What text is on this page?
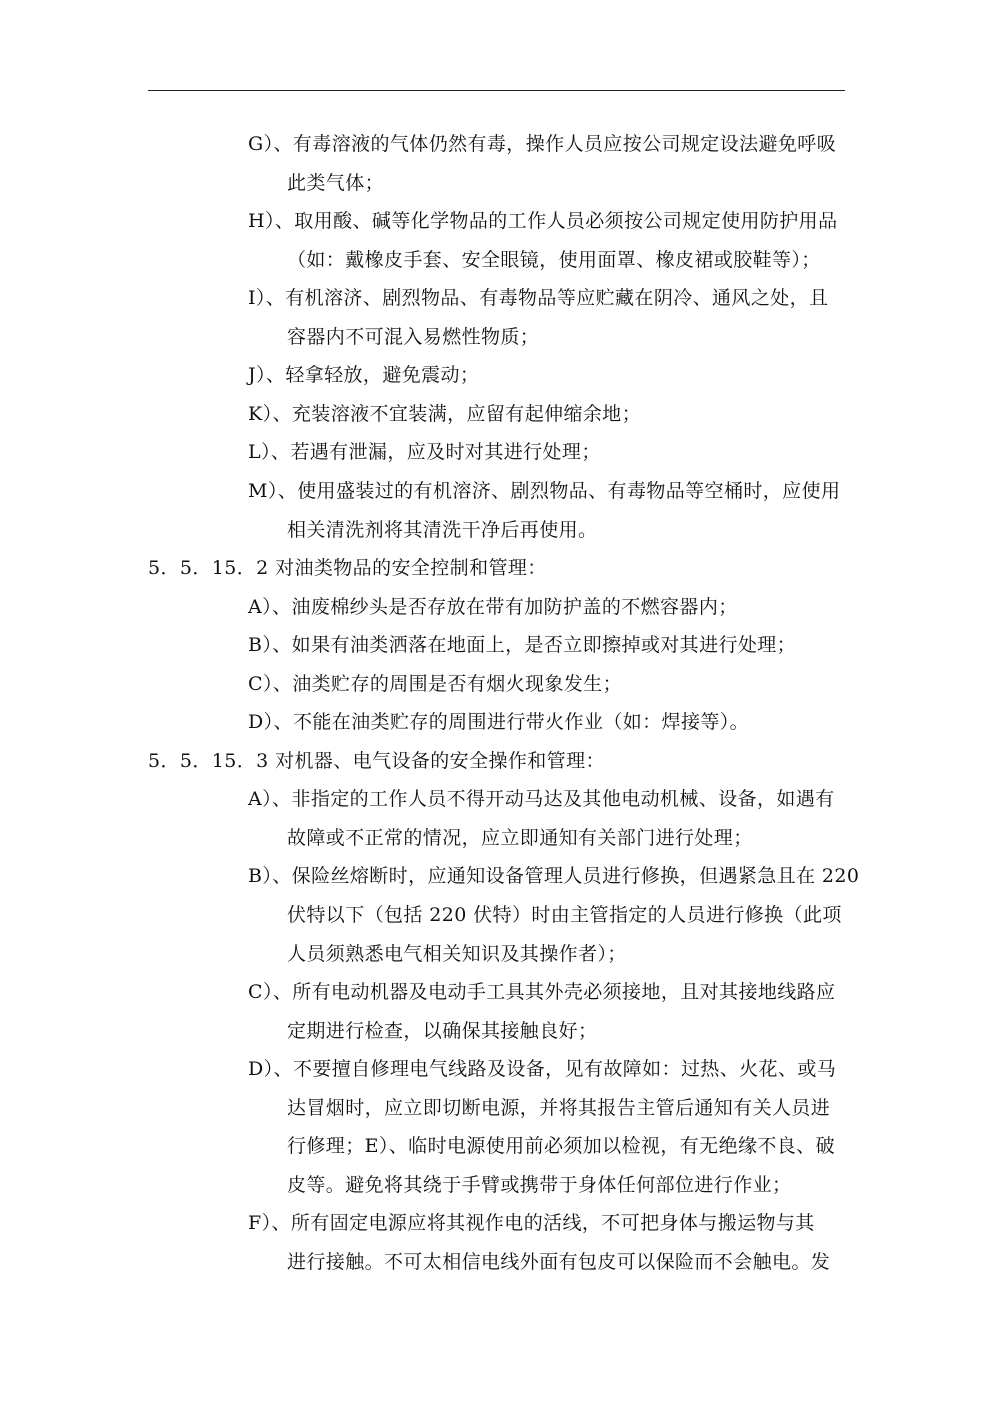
G）、有毒溶液的气体仍然有毒，操作人员应按公司规定设法避免呼吸
此类气体；
H）、取用酸、碱等化学物品的工作人员必须按公司规定使用防护用品
（如：戴橡皮手套、安全眼镜，使用面罩、橡皮裙或胶鞋等）；
I）、有机溶济、剧烈物品、有毒物品等应贮藏在阴冷、通风之处，且
容器内不可混入易燃性物质；
J）、轻拿轻放，避免震动；
K）、充装溶液不宜装满，应留有起伸缩余地；
L）、若遇有泄漏，应及时对其进行处理；
M）、使用盛装过的有机溶济、剧烈物品、有毒物品等空桶时，应使用
相关清洗剂将其清洗干净后再使用。
5．5．15．2 对油类物品的安全控制和管理：
A）、油废棉纱头是否存放在带有加防护盖的不燃容器内；
B）、如果有油类洒落在地面上，是否立即擦掉或对其进行处理；
C）、油类贮存的周围是否有烟火现象发生；
D）、不能在油类贮存的周围进行带火作业（如：焊接等）。
5．5．15．3 对机器、电气设备的安全操作和管理：
A）、非指定的工作人员不得开动马达及其他电动机械、设备，如遇有
故障或不正常的情况，应立即通知有关部门进行处理；
B）、保险丝熔断时，应通知设备管理人员进行修换，但遇紧急且在 220
伏特以下（包括 220 伏特）时由主管指定的人员进行修换（此项
人员须熟悉电气相关知识及其操作者）；
C）、所有电动机器及电动手工具其外壳必须接地，且对其接地线路应
定期进行检查，以确保其接触良好；
D）、不要擅自修理电气线路及设备，见有故障如：过热、火花、或马
达冒烟时，应立即切断电源，并将其报告主管后通知有关人员进
行修理；E）、临时电源使用前必须加以检视，有无绝缘不良、破
皮等。避免将其绕于手臂或携带于身体任何部位进行作业；
F）、所有固定电源应将其视作电的活线，不可把身体与搬运物与其
进行接触。不可太相信电线外面有包皮可以保险而不会触电。发
